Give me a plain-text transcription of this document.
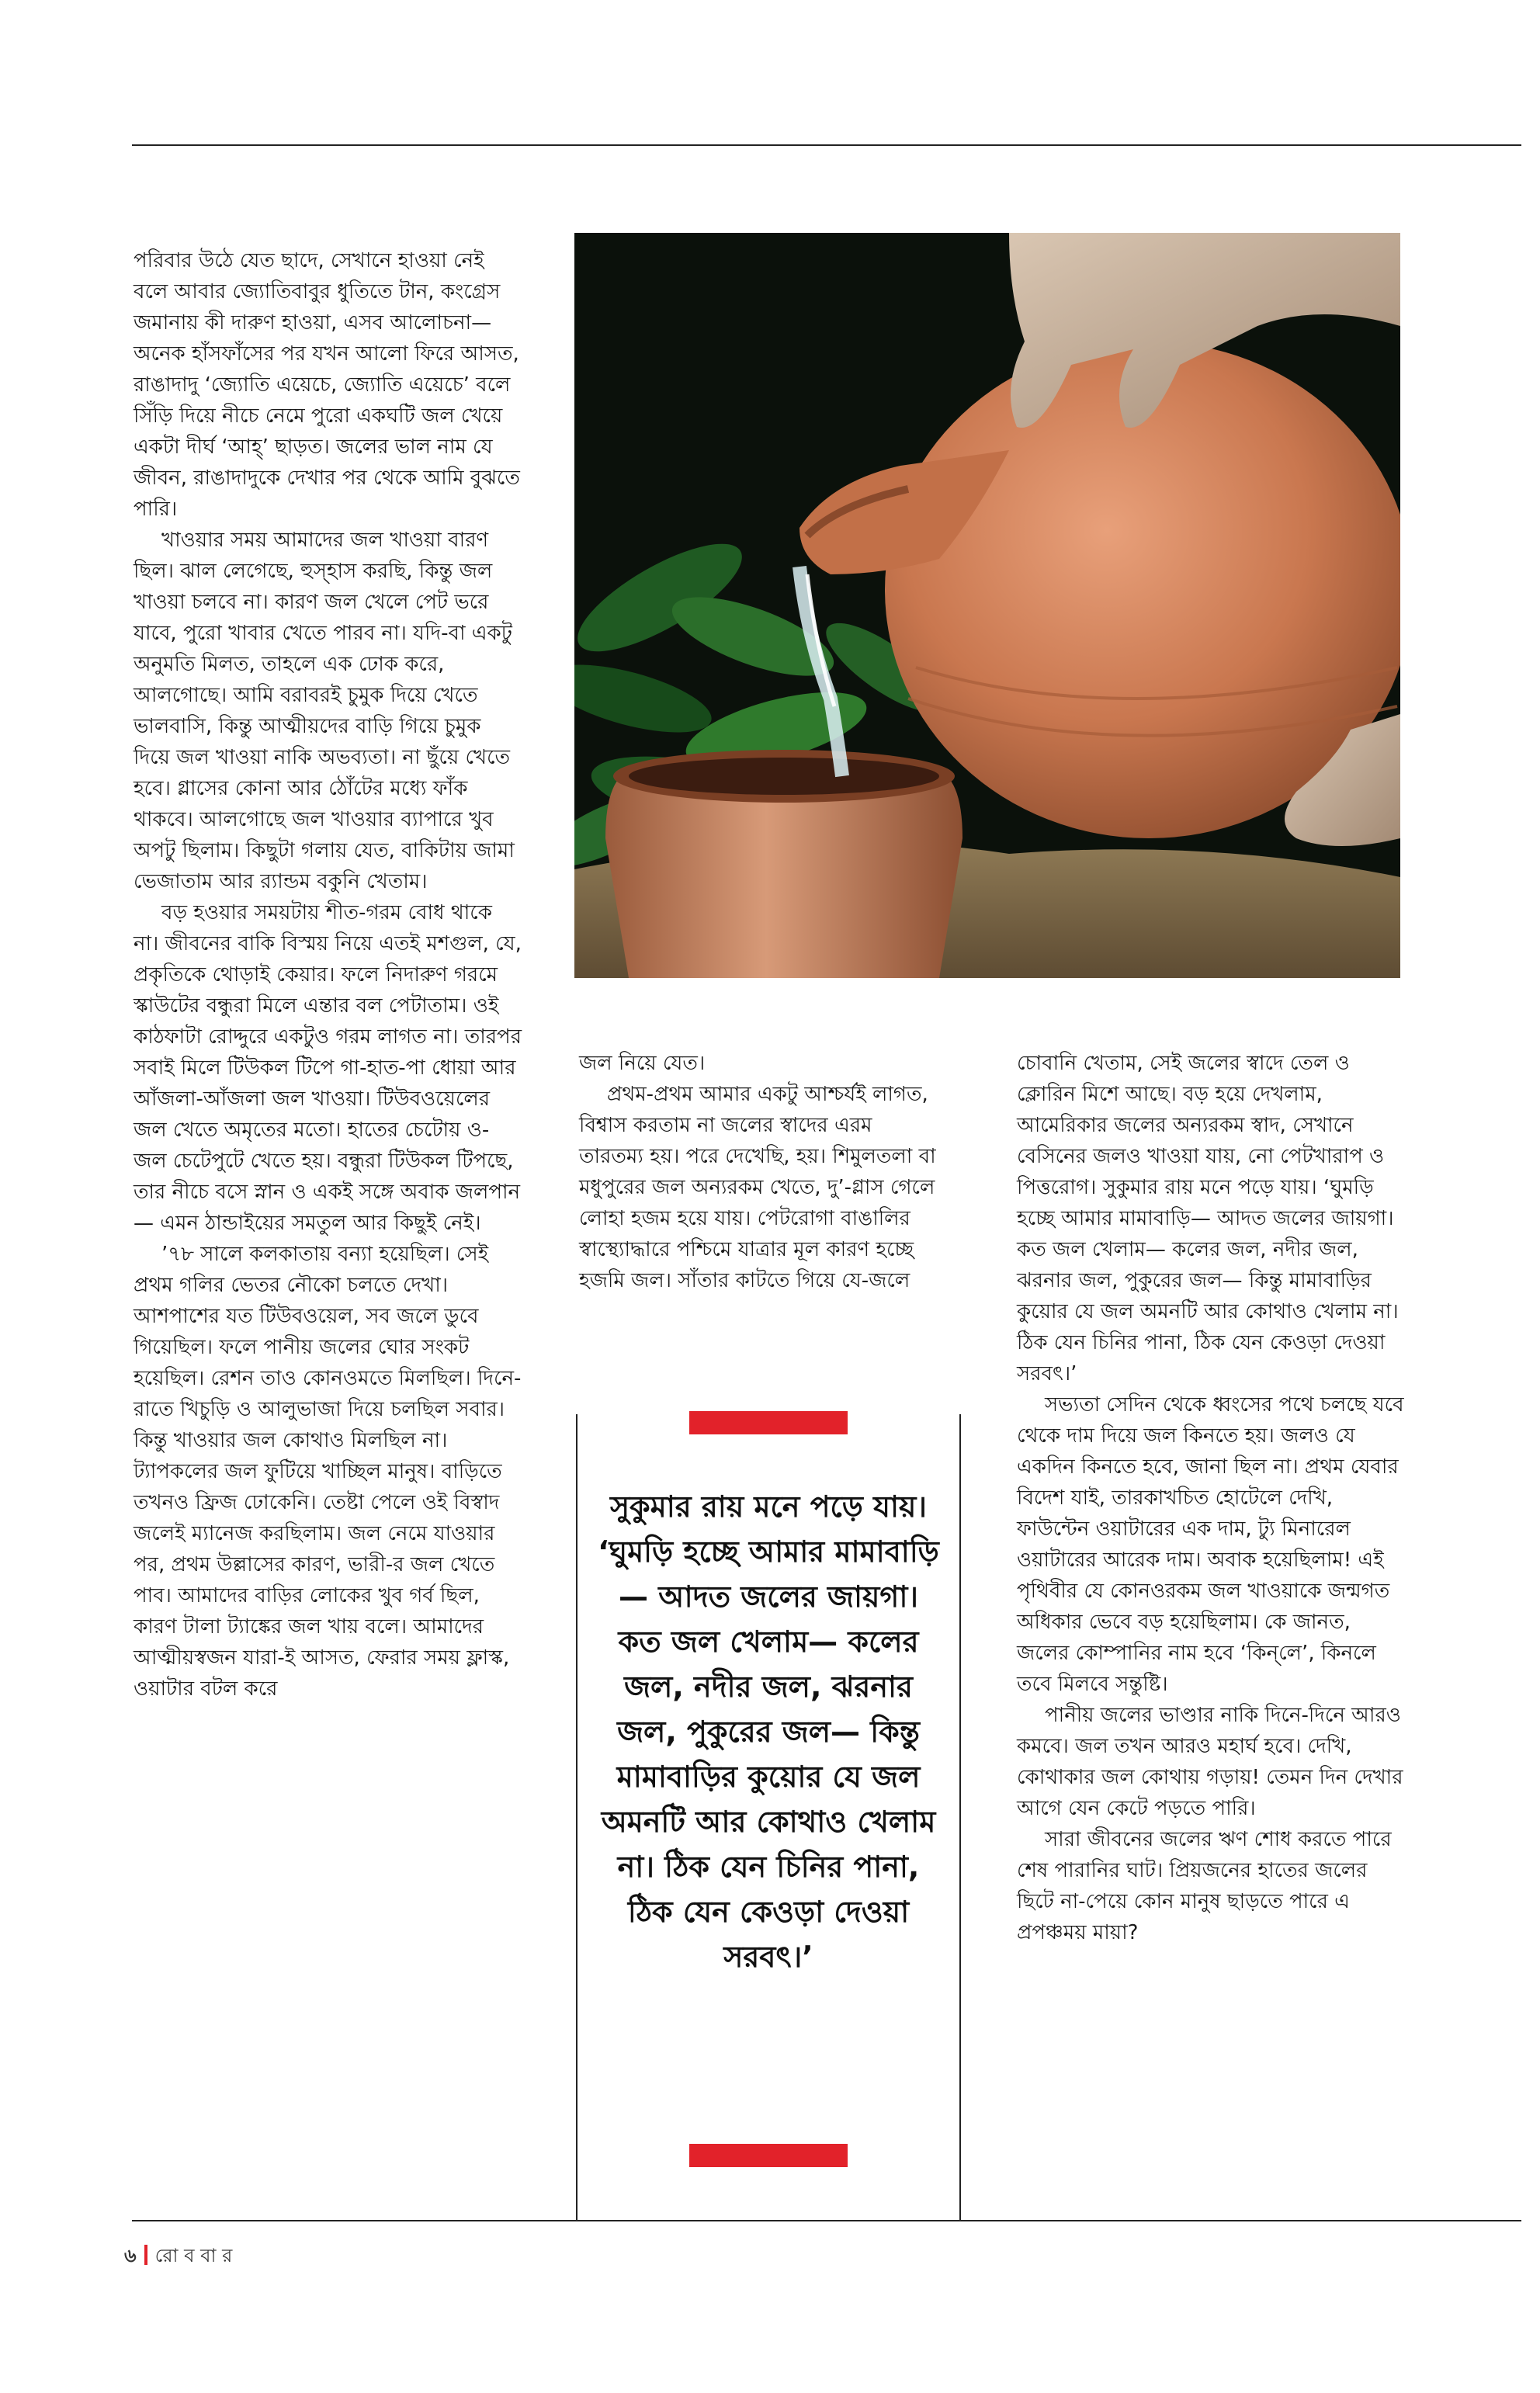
পরিবার উঠে যেত ছাদে, সেখানে হাওয়া নেই বলে আবার জ্যোতিবাবুর ধুতিতে টান, কংগ্রেস জমানায় কী দারুণ হাওয়া, এসব আলোচনা— অনেক হাঁসফাঁসের পর যখন আলো ফিরে আসত, রাঙাদাদু ‘জ্যোতি এয়েচে, জ্যোতি এয়েচে’ বলে সিঁড়ি দিয়ে নীচে নেমে পুরো একঘটি জল খেয়ে একটা দীর্ঘ ‘আহ্’ ছাড়ত। জলের ভাল নাম যে জীবন, রাঙাদাদুকে দেখার পর থেকে আমি বুঝতে পারি।

খাওয়ার সময় আমাদের জল খাওয়া বারণ ছিল। ঝাল লেগেছে, হুস্‌হাস করছি, কিন্তু জল খাওয়া চলবে না। কারণ জল খেলে পেট ভরে যাবে, পুরো খাবার খেতে পারব না। যদি-বা একটু অনুমতি মিলত, তাহলে এক ঢোক করে, আলগোছে। আমি বরাবরই চুমুক দিয়ে খেতে ভালবাসি, কিন্তু আত্মীয়দের বাড়ি গিয়ে চুমুক দিয়ে জল খাওয়া নাকি অভব্যতা। না ছুঁয়ে খেতে হবে। গ্লাসের কোনা আর ঠোঁটের মধ্যে ফাঁক থাকবে। আলগোছে জল খাওয়ার ব্যাপারে খুব অপটু ছিলাম। কিছুটা গলায় যেত, বাকিটায় জামা ভেজাতাম আর র‍্যান্ডম বকুনি খেতাম।

বড় হওয়ার সময়টায় শীত-গরম বোধ থাকে না। জীবনের বাকি বিস্ময় নিয়ে এতই মশগুল, যে, প্রকৃতিকে থোড়াই কেয়ার। ফলে নিদারুণ গরমে স্কাউটের বন্ধুরা মিলে এন্তার বল পেটাতাম। ওই কাঠফাটা রোদ্দুরে একটুও গরম লাগত না। তারপর সবাই মিলে টিউকল টিপে গা-হাত-পা ধোয়া আর আঁজলা-আঁজলা জল খাওয়া। টিউবওয়েলের জল খেতে অমৃতের মতো। হাতের চেটোয় ও-জল চেটেপুটে খেতে হয়। বন্ধুরা টিউকল টিপছে, তার নীচে বসে স্নান ও একই সঙ্গে অবাক জলপান— এমন ঠান্ডাইয়ের সমতুল আর কিছুই নেই।

’৭৮ সালে কলকাতায় বন্যা হয়েছিল। সেই প্রথম গলির ভেতর নৌকো চলতে দেখা। আশপাশের যত টিউবওয়েল, সব জলে ডুবে গিয়েছিল। ফলে পানীয় জলের ঘোর সংকট হয়েছিল। রেশন তাও কোনওমতে মিলছিল। দিনে-রাতে খিচুড়ি ও আলুভাজা দিয়ে চলছিল সবার। কিন্তু খাওয়ার জল কোথাও মিলছিল না। ট্যাপকলের জল ফুটিয়ে খাচ্ছিল মানুষ। বাড়িতে তখনও ফ্রিজ ঢোকেনি। তেষ্টা পেলে ওই বিস্বাদ জলেই ম্যানেজ করছিলাম। জল নেমে যাওয়ার পর, প্রথম উল্লাসের কারণ, ভারী-র জল খেতে পাব। আমাদের বাড়ির লোকের খুব গর্ব ছিল, কারণ টালা ট্যাঙ্কের জল খায় বলে। আমাদের আত্মীয়স্বজন যারা-ই আসত, ফেরার সময় ফ্লাস্ক, ওয়াটার বটল করে

জল নিয়ে যেত।

প্রথম-প্রথম আমার একটু আশ্চর্যই লাগত, বিশ্বাস করতাম না জলের স্বাদের এরম তারতম্য হয়। পরে দেখেছি, হয়। শিমুলতলা বা মধুপুরের জল অন্যরকম খেতে, দু’-গ্লাস গেলে লোহা হজম হয়ে যায়। পেটরোগা বাঙালির স্বাস্থ্যোদ্ধারে পশ্চিমে যাত্রার মূল কারণ হচ্ছে হজমি জল। সাঁতার কাটতে গিয়ে যে-জলে

চোবানি খেতাম, সেই জলের স্বাদে তেল ও ক্লোরিন মিশে আছে। বড় হয়ে দেখলাম, আমেরিকার জলের অন্যরকম স্বাদ, সেখানে বেসিনের জলও খাওয়া যায়, নো পেটখারাপ ও পিত্তরোগ। সুকুমার রায় মনে পড়ে যায়। ‘ঘুমড়ি হচ্ছে আমার মামাবাড়ি— আদত জলের জায়গা। কত জল খেলাম— কলের জল, নদীর জল, ঝরনার জল, পুকুরের জল— কিন্তু মামাবাড়ির কুয়োর যে জল অমনটি আর কোথাও খেলাম না। ঠিক যেন চিনির পানা, ঠিক যেন কেওড়া দেওয়া সরবৎ।’

সভ্যতা সেদিন থেকে ধ্বংসের পথে চলছে যবে থেকে দাম দিয়ে জল কিনতে হয়। জলও যে একদিন কিনতে হবে, জানা ছিল না। প্রথম যেবার বিদেশ যাই, তারকাখচিত হোটেলে দেখি, ফাউন্টেন ওয়াটারের এক দাম, ট্যু মিনারেল ওয়াটারের আরেক দাম। অবাক হয়েছিলাম! এই পৃথিবীর যে কোনওরকম জল খাওয়াকে জন্মগত অধিকার ভেবে বড় হয়েছিলাম। কে জানত, জলের কোম্পানির নাম হবে ‘কিন্‌লে’, কিনলে তবে মিলবে সন্তুষ্টি।

পানীয় জলের ভাণ্ডার নাকি দিনে-দিনে আরও কমবে। জল তখন আরও মহার্ঘ হবে। দেখি, কোথাকার জল কোথায় গড়ায়! তেমন দিন দেখার আগে যেন কেটে পড়তে পারি।

সারা জীবনের জলের ঋণ শোধ করতে পারে শেষ পারানির ঘাট। প্রিয়জনের হাতের জলের ছিটে না-পেয়ে কোন মানুষ ছাড়তে পারে এ প্রপঞ্চময় মায়া?

সুকুমার রায় মনে পড়ে যায়। ‘ঘুমড়ি হচ্ছে আমার মামাবাড়ি— আদত জলের জায়গা। কত জল খেলাম— কলের জল, নদীর জল, ঝরনার জল, পুকুরের জল— কিন্তু মামাবাড়ির কুয়োর যে জল অমনটি আর কোথাও খেলাম না। ঠিক যেন চিনির পানা, ঠিক যেন কেওড়া দেওয়া সরবৎ।’
৬ রো ব বা র
